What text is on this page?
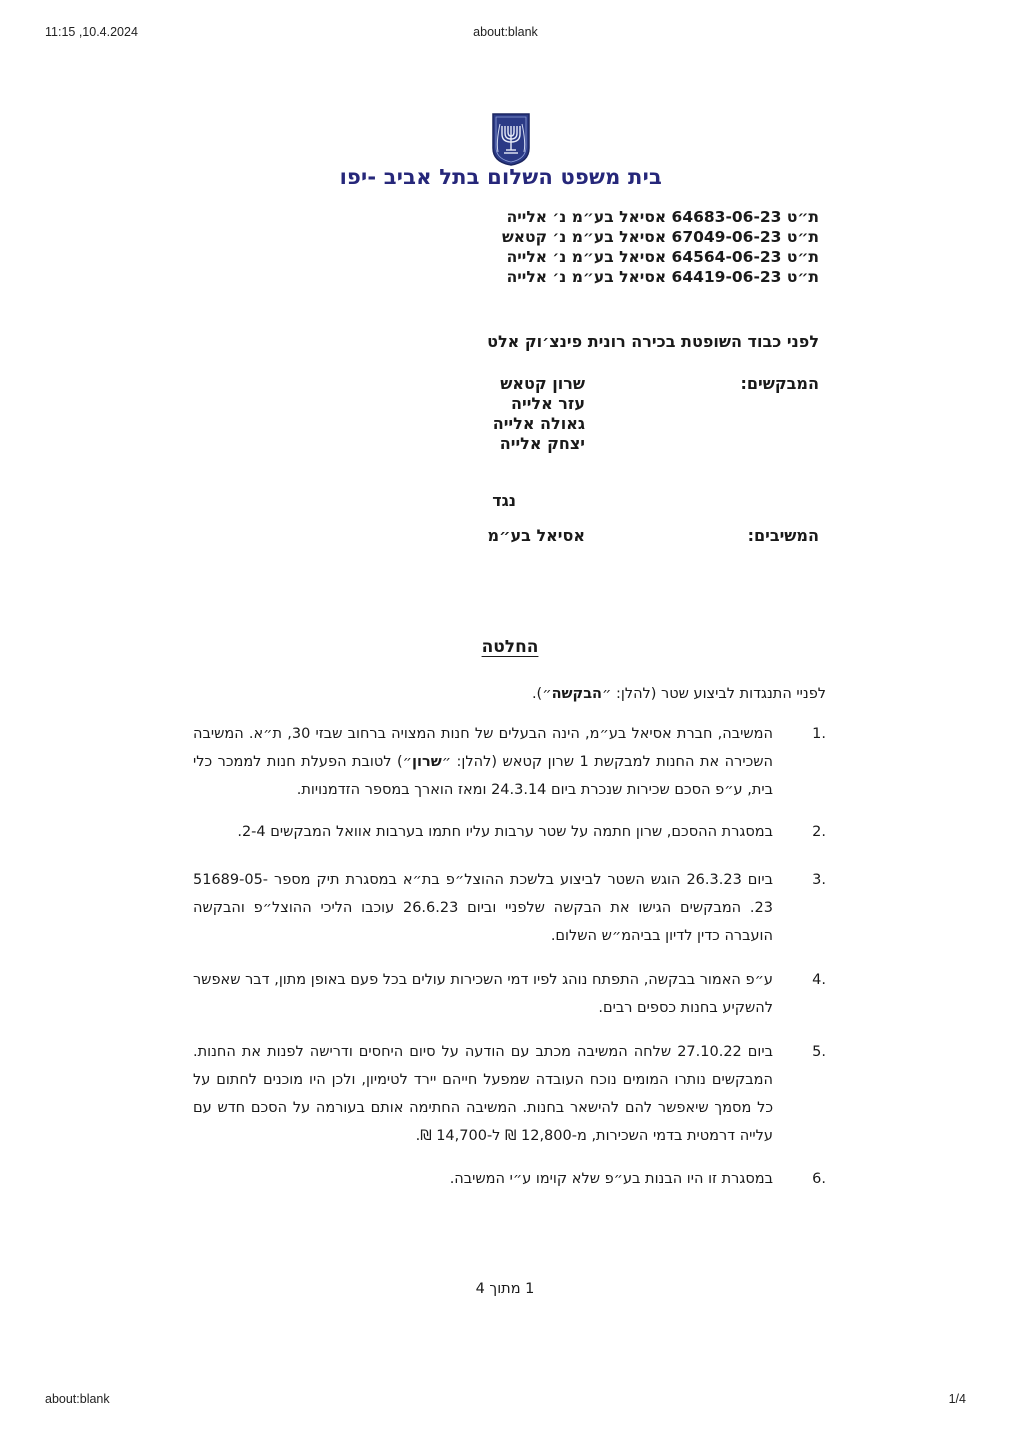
11:15 ,10.4.2024	about:blank
בית משפט השלום בתל אביב -יפו
ת״ט 64683-06-23 אסיאל בע״מ נ׳ אלייה
ת״ט 67049-06-23 אסיאל בע״מ נ׳ קטאש
ת״ט 64564-06-23 אסיאל בע״מ נ׳ אלייה
ת״ט 64419-06-23 אסיאל בע״מ נ׳ אלייה
לפני כבוד השופטת בכירה רונית פינצ׳וק אלט
המבקשים:
שרון קטאש
עזר אלייה
גאולה אלייה
יצחק אלייה
נגד
המשיבים:
אסיאל בע״מ
החלטה
לפניי התנגדות לביצוע שטר (להלן: ״הבקשה״).
.1
המשיבה, חברת אסיאל בע״מ, הינה הבעלים של חנות המצויה ברחוב שבזי 30, ת״א. המשיבה השכירה את החנות למבקשת 1 שרון קטאש (להלן: ״שרון״) לטובת הפעלת חנות לממכר כלי בית, ע״פ הסכם שכירות שנכרת ביום 24.3.14 ומאז הוארך במספר הזדמנויות.
.2
במסגרת ההסכם, שרון חתמה על שטר ערבות עליו חתמו בערבות אוואל המבקשים 2-4.
.3
ביום 26.3.23 הוגש השטר לביצוע בלשכת ההוצל״פ בת״א במסגרת תיק מספר 51689-05-23. המבקשים הגישו את הבקשה שלפניי וביום 26.6.23 עוכבו הליכי ההוצל״פ והבקשה הועברה כדין לדיון בביהמ״ש השלום.
.4
ע״פ האמור בבקשה, התפתח נוהג לפיו דמי השכירות עולים בכל פעם באופן מתון, דבר שאפשר להשקיע בחנות כספים רבים.
.5
ביום 27.10.22 שלחה המשיבה מכתב עם הודעה על סיום היחסים ודרישה לפנות את החנות. המבקשים נותרו המומים נוכח העובדה שמפעל חייהם יירד לטימיון, ולכן היו מוכנים לחתום על כל מסמך שיאפשר להם להישאר בחנות. המשיבה החתימה אותם בעורמה על הסכם חדש עם עלייה דרמטית בדמי השכירות, מ-12,800 ₪ ל-14,700 ₪.
.6
במסגרת זו היו הבנות בע״פ שלא קוימו ע״י המשיבה.
1 מתוך 4
about:blank	1/4
